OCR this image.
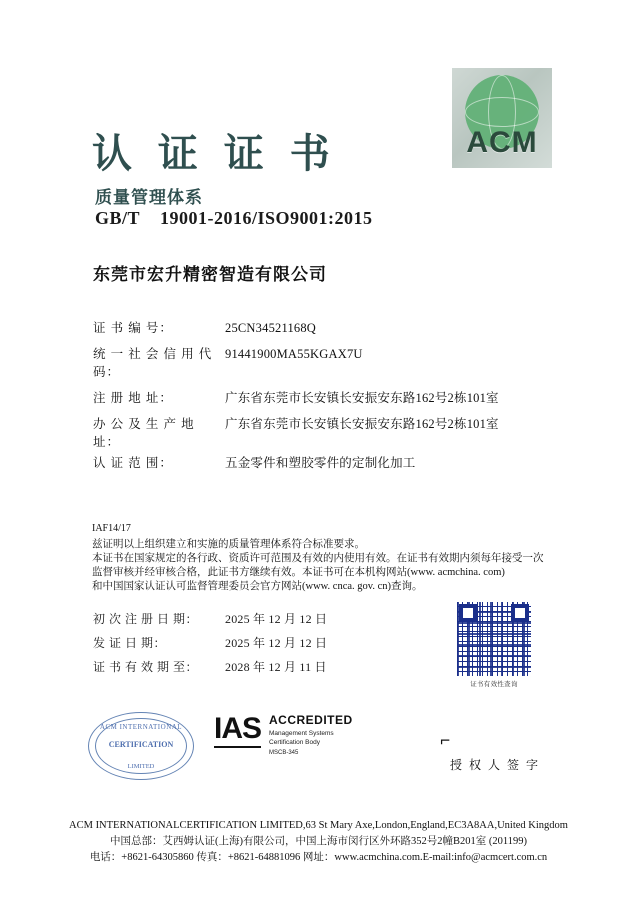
ACM
认 证 证 书
质量管理体系
GB/T 19001-2016/ISO9001:2015
东莞市宏升精密智造有限公司
证 书 编 号：	25CN34521168Q
统 一 社 会 信 用 代 码：
91441900MA55KGAX7U
注 册 地 址：	广东省东莞市长安镇长安振安东路162号2栋101室
办 公 及 生 产 地 址：
广东省东莞市长安镇长安振安东路162号2栋101室
认 证 范 围：	五金零件和塑胶零件的定制化加工
IAF14/17

兹证明以上组织建立和实施的质量管理体系符合标准要求。

本证书在国家规定的各行政、资质许可范围及有效的内使用有效。在证书有效期内须每年接受一次

监督审核并经审核合格，此证书方继续有效。本证书可在本机构网站(www. acmchina. com)

和中国国家认证认可监督管理委员会官方网站(www. cnca. gov. cn)查询。

初 次 注 册 日 期：	2025 年 12 月 12 日
发 证 日 期：	2025 年 12 月 12 日
证 书 有 效 期 至：	2028 年 12 月 11 日
证书有效性查询
ACM INTERNATIONAL
CERTIFICATION
LIMITED
IAS ACCREDITED
Management Systems
Certification Body
MSCB-345
⌐
授 权 人 签 字
ACM INTERNATIONALCERTIFICATION LIMITED,63 St Mary Axe,London,England,EC3A8AA,United Kingdom
中国总部：艾西姆认证(上海)有限公司，中国上海市闵行区外环路352号2幢B201室 (201199)
电话：+8621-64305860 传真：+8621-64881096 网址：www.acmchina.com.E-mail:info@acmcert.com.cn
